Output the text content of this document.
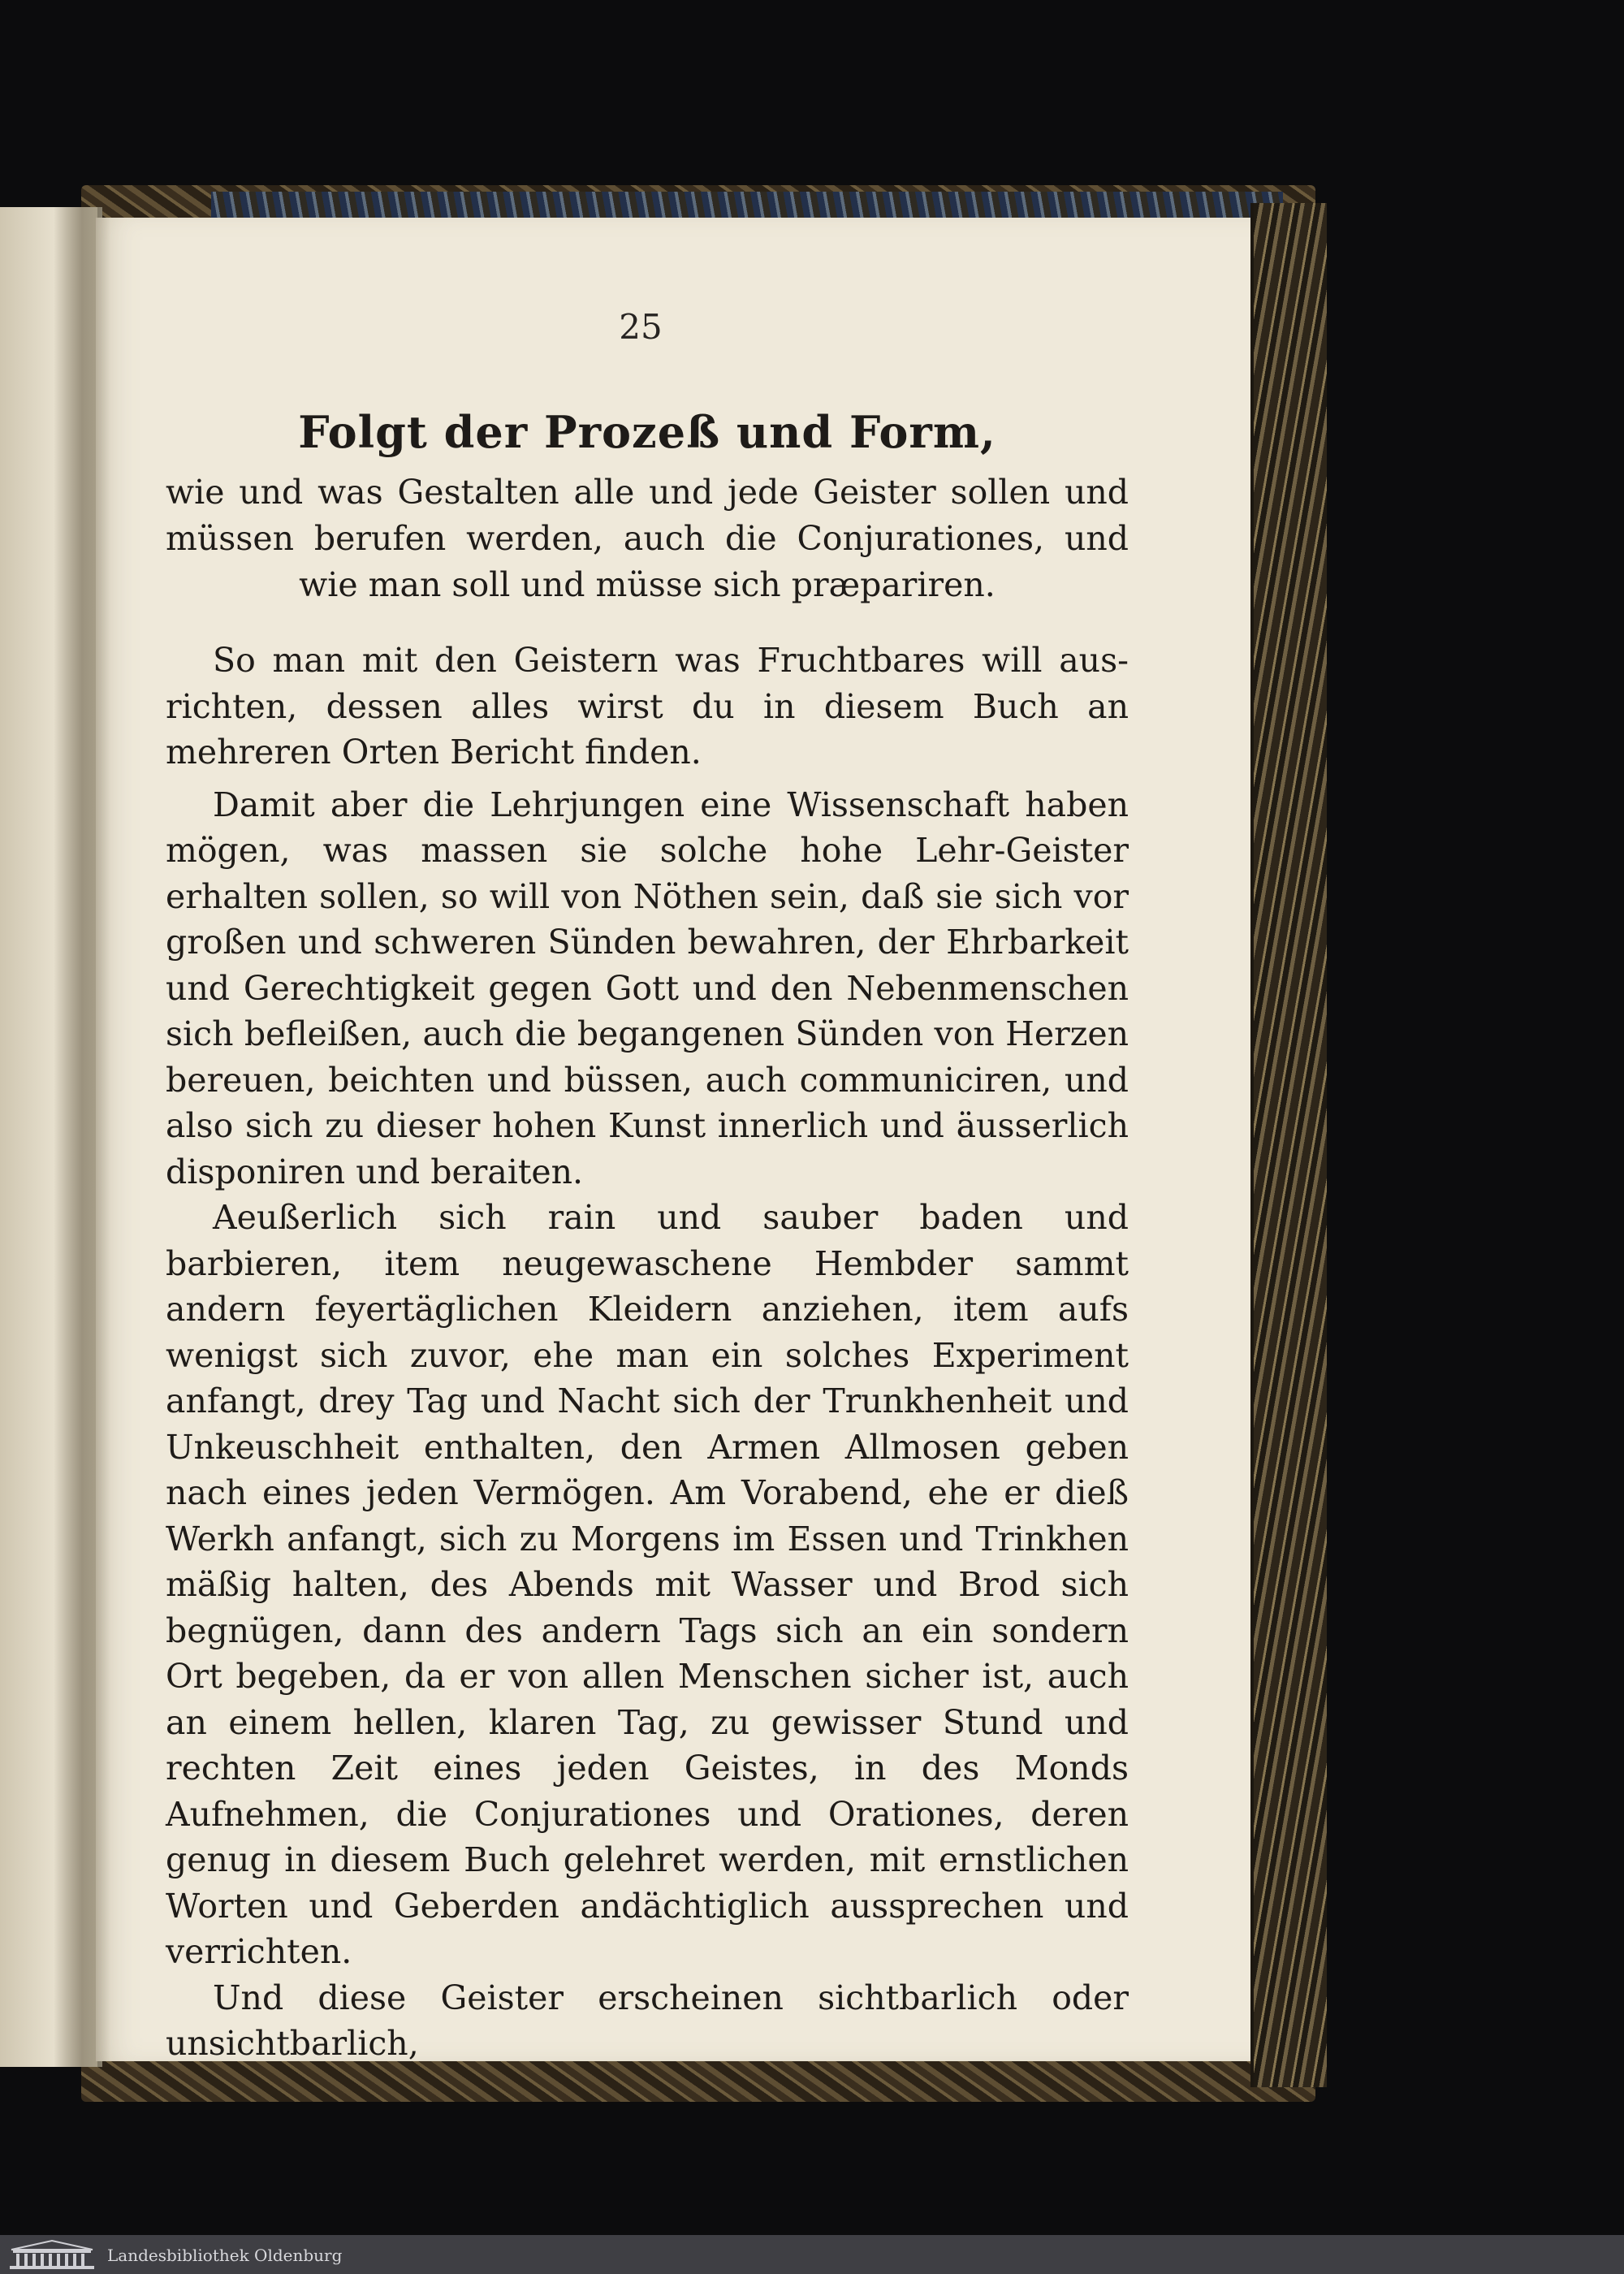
25
Folgt der Prozeß und Form,
wie und was Gestalten alle und jede Geister sollen und müssen berufen werden, auch die Conjurationes, und wie man soll und müsse sich præpariren.

So man mit den Geistern was Fruchtbares will ausrichten, dessen alles wirst du in diesem Buch an mehreren Orten Bericht finden.

Damit aber die Lehrjungen eine Wissenschaft haben mögen, was massen sie solche hohe Lehr-Geister erhalten sollen, so will von Nöthen sein, daß sie sich vor großen und schweren Sünden bewahren, der Ehrbarkeit und Gerechtigkeit gegen Gott und den Nebenmenschen sich befleißen, auch die begangenen Sünden von Herzen bereuen, beichten und büssen, auch communiciren, und also sich zu dieser hohen Kunst innerlich und äusserlich disponiren und beraiten.

Aeußerlich sich rain und sauber baden und barbieren, item neugewaschene Hembder sammt andern feyertäglichen Kleidern anziehen, item aufs wenigst sich zuvor, ehe man ein solches Experiment anfangt, drey Tag und Nacht sich der Trunkhenheit und Unkeuschheit enthalten, den Armen Allmosen geben nach eines jeden Vermögen. Am Vorabend, ehe er dieß Werkh anfangt, sich zu Morgens im Essen und Trinkhen mäßig halten, des Abends mit Wasser und Brod sich begnügen, dann des andern Tags sich an ein sondern Ort begeben, da er von allen Menschen sicher ist, auch an einem hellen, klaren Tag, zu gewisser Stund und rechten Zeit eines jeden Geistes, in des Monds Aufnehmen, die Conjurationes und Orationes, deren genug in diesem Buch gelehret werden, mit ernstlichen Worten und Geberden andächtiglich aussprechen und verrichten.

Und diese Geister erscheinen sichtbarlich oder unsichtbarlich,

Landesbibliothek Oldenburg
